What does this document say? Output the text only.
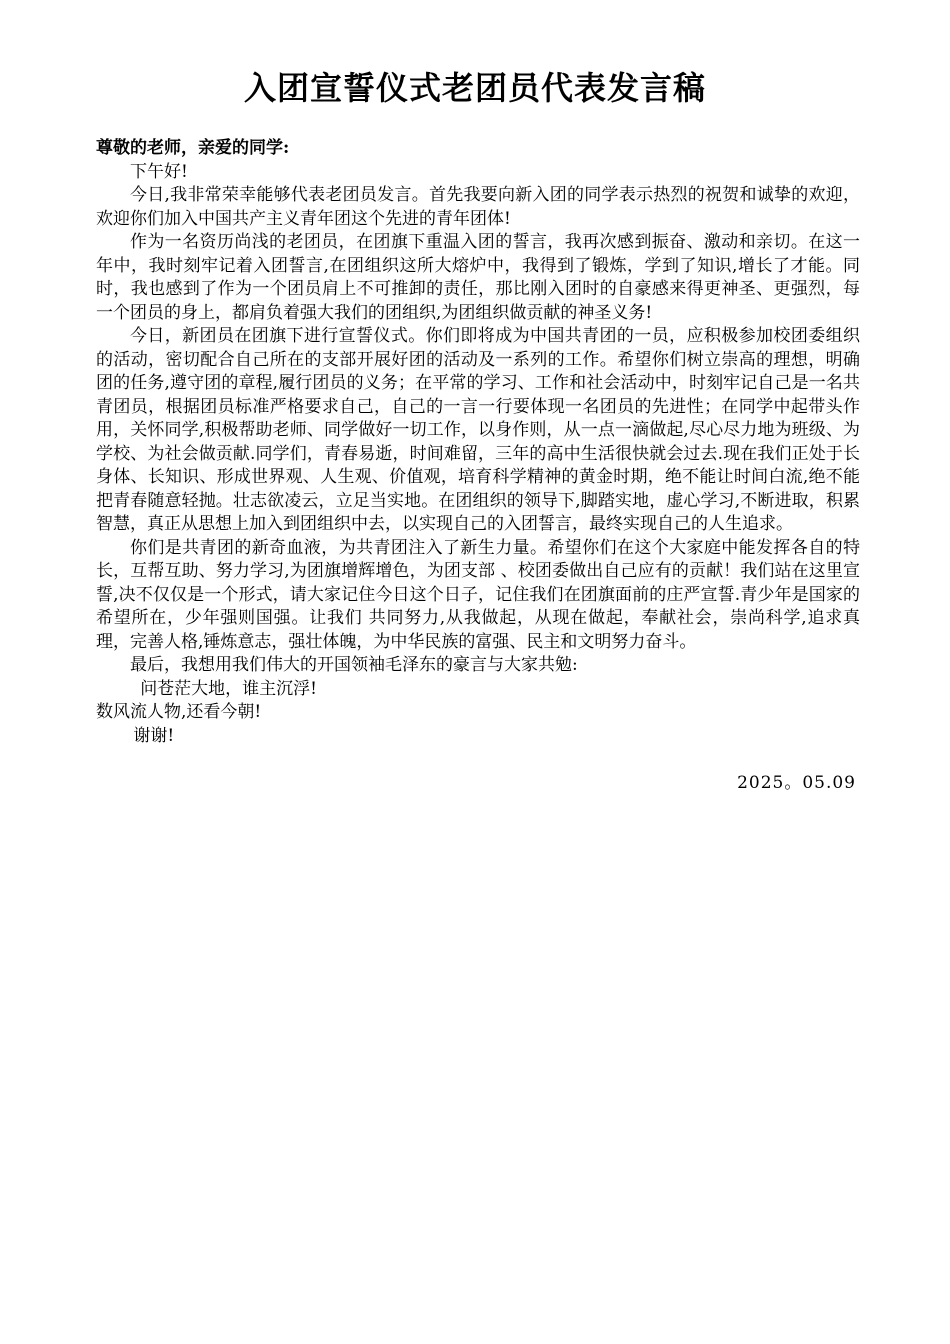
入团宣誓仪式老团员代表发言稿

尊敬的老师，亲爱的同学:

下午好!

今日,我非常荣幸能够代表老团员发言。首先我要向新入团的同学表示热烈的祝贺和诚挚的欢迎，欢迎你们加入中国共产主义青年团这个先进的青年团体!

作为一名资历尚浅的老团员，在团旗下重温入团的誓言，我再次感到振奋、激动和亲切。在这一年中，我时刻牢记着入团誓言,在团组织这所大熔炉中，我得到了锻炼，学到了知识,增长了才能。同时，我也感到了作为一个团员肩上不可推卸的责任，那比刚入团时的自豪感来得更神圣、更强烈，每一个团员的身上，都肩负着强大我们的团组织,为团组织做贡献的神圣义务!

今日，新团员在团旗下进行宣誓仪式。你们即将成为中国共青团的一员，应积极参加校团委组织的活动，密切配合自己所在的支部开展好团的活动及一系列的工作。希望你们树立崇高的理想，明确团的任务,遵守团的章程,履行团员的义务；在平常的学习、工作和社会活动中，时刻牢记自己是一名共青团员，根据团员标准严格要求自己，自己的一言一行要体现一名团员的先进性；在同学中起带头作用，关怀同学,积极帮助老师、同学做好一切工作，以身作则，从一点一滴做起,尽心尽力地为班级、为学校、为社会做贡献.同学们，青春易逝，时间难留，三年的高中生活很快就会过去.现在我们正处于长身体、长知识、形成世界观、人生观、价值观，培育科学精神的黄金时期，绝不能让时间白流,绝不能把青春随意轻抛。壮志欲凌云，立足当实地。在团组织的领导下,脚踏实地，虚心学习,不断进取，积累智慧，真正从思想上加入到团组织中去，以实现自己的入团誓言，最终实现自己的人生追求。

你们是共青团的新奇血液，为共青团注入了新生力量。希望你们在这个大家庭中能发挥各自的特长，互帮互助、努力学习,为团旗增辉增色，为团支部 、校团委做出自己应有的贡献！我们站在这里宣誓,决不仅仅是一个形式，请大家记住今日这个日子，记住我们在团旗面前的庄严宣誓.青少年是国家的希望所在，少年强则国强。让我们 共同努力,从我做起，从现在做起，奉献社会，崇尚科学,追求真理，完善人格,锤炼意志，强壮体魄，为中华民族的富强、民主和文明努力奋斗。

最后，我想用我们伟大的开国领袖毛泽东的豪言与大家共勉:

问苍茫大地，谁主沉浮!

数风流人物,还看今朝!

谢谢!

2025。05.09
